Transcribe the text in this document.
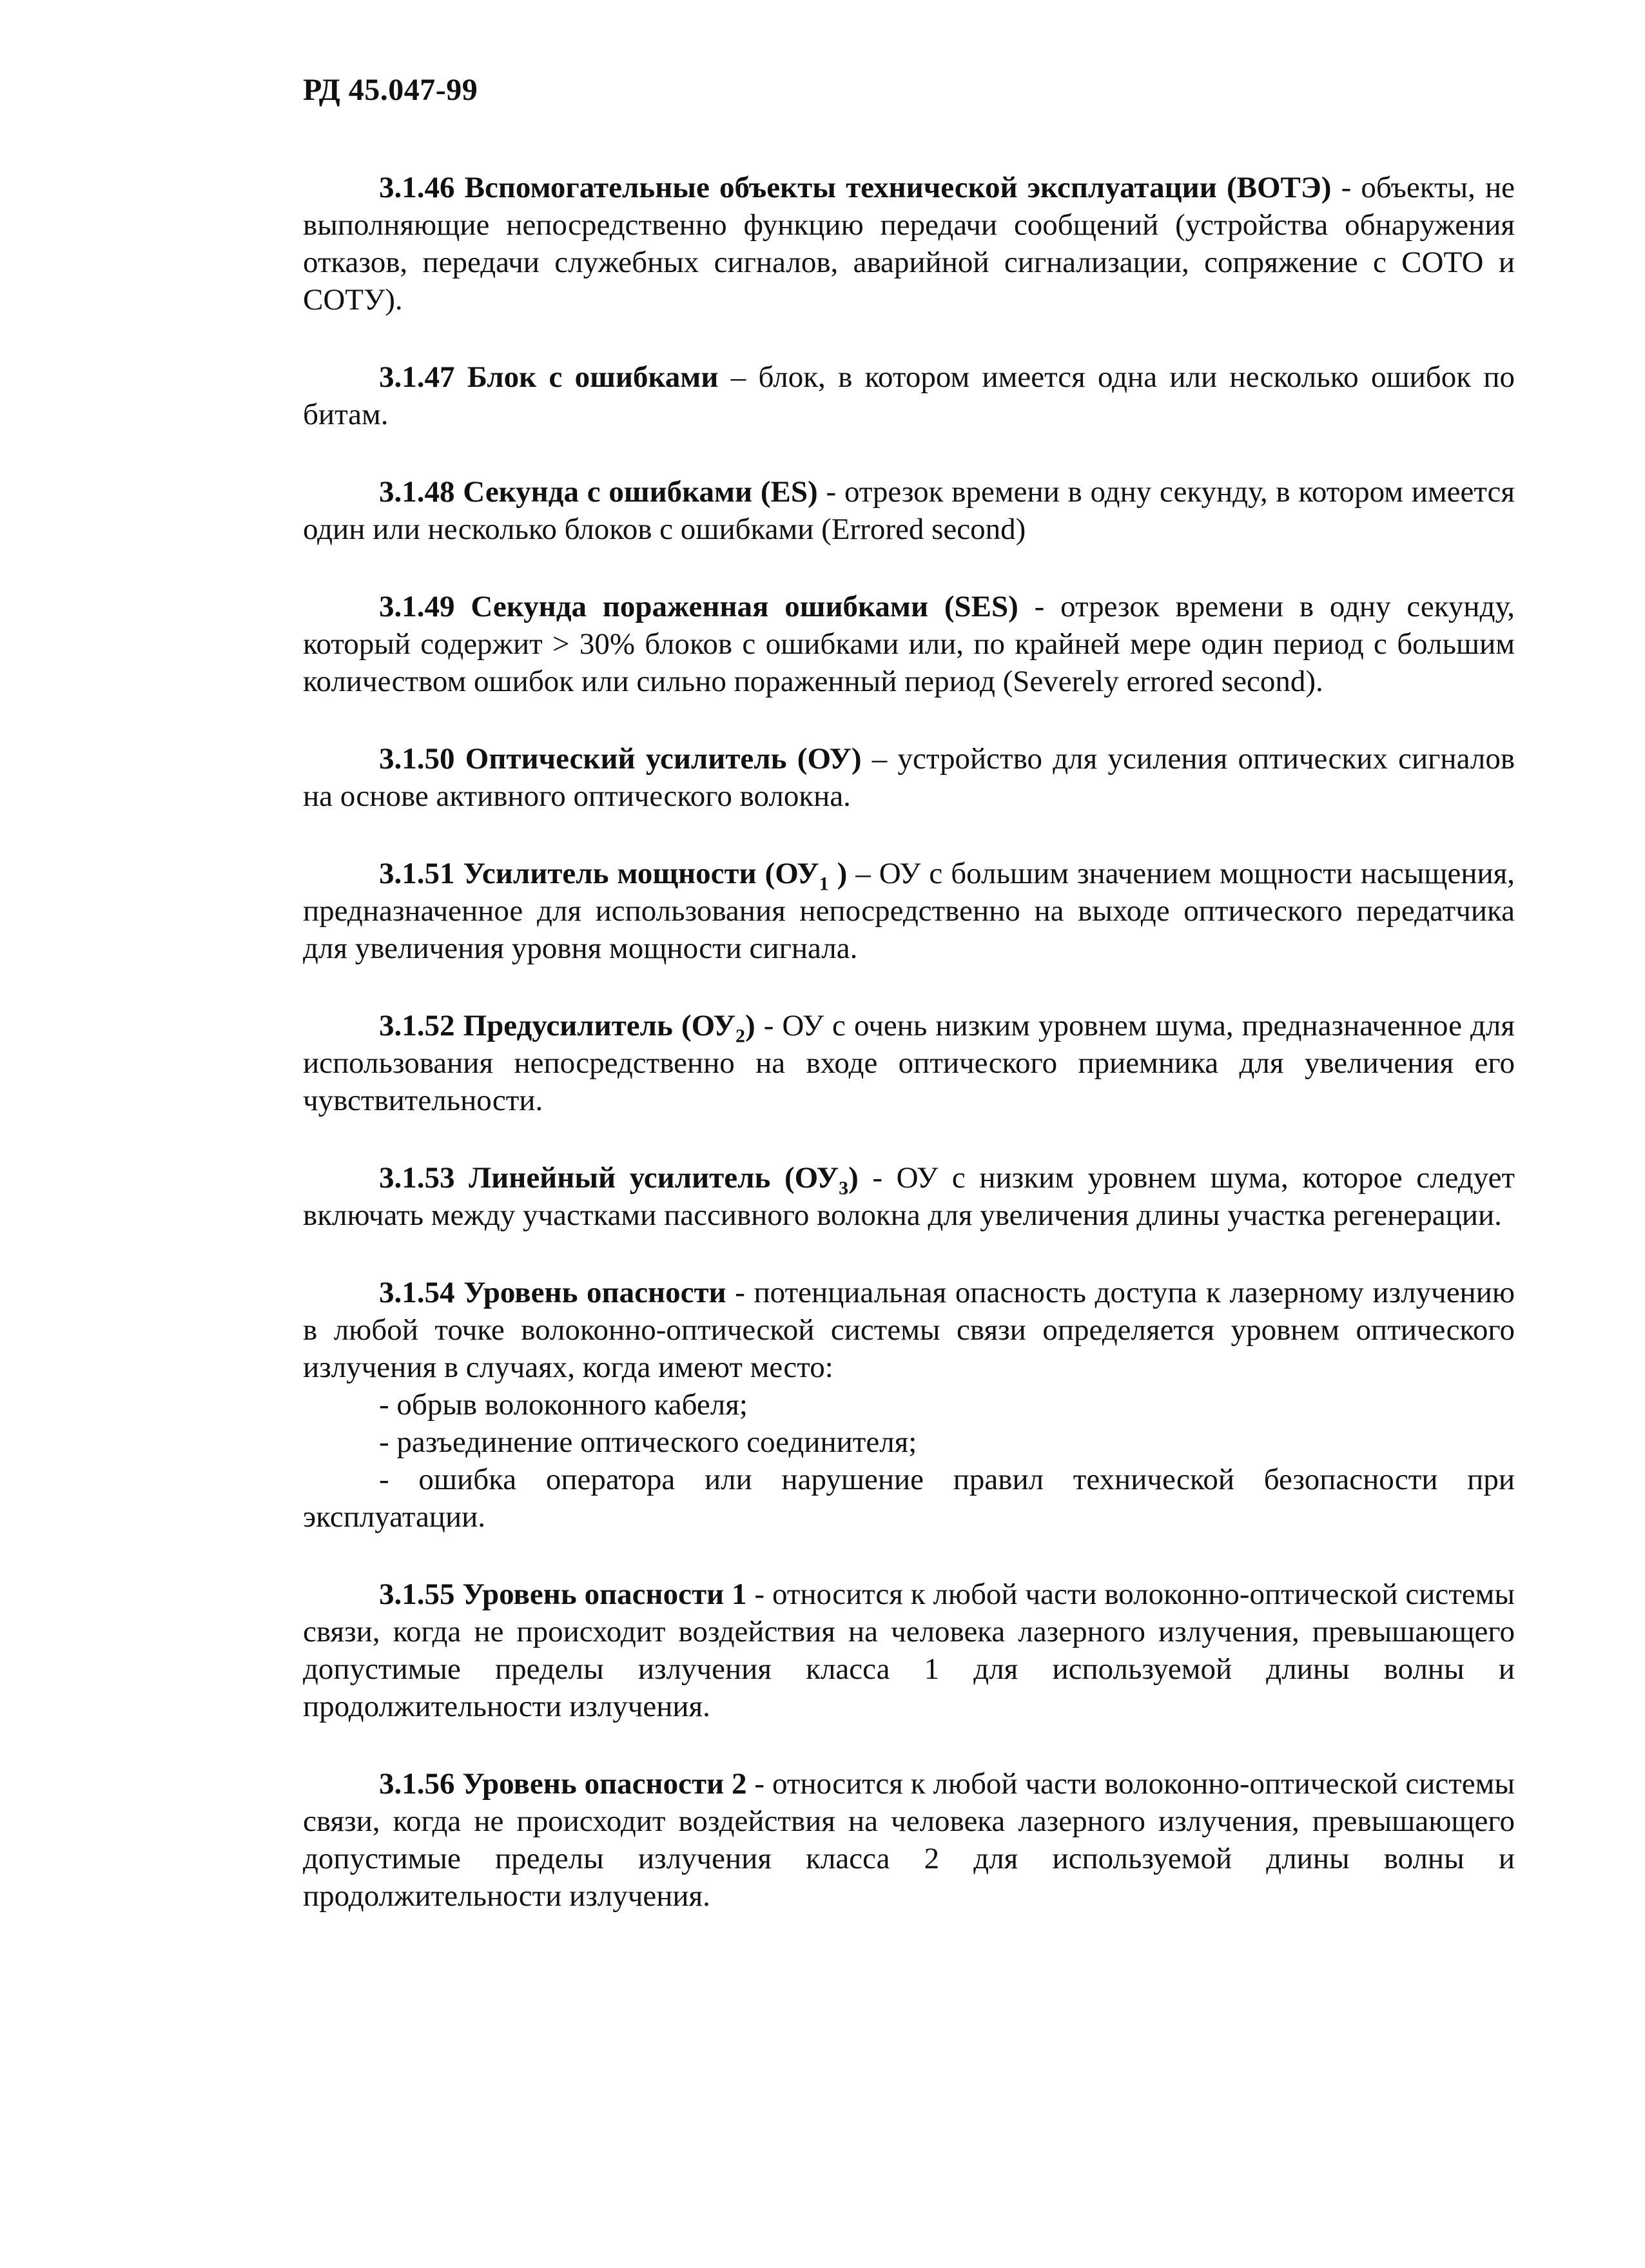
РД 45.047-99

3.1.46 Вспомогательные объекты технической эксплуатации (ВОТЭ) - объекты, не выполняющие непосредственно функцию передачи сообщений (устройства обнаружения отказов, передачи служебных сигналов, аварийной сигнализации, сопряжение с СОТО и СОТУ).

3.1.47 Блок с ошибками – блок, в котором имеется одна или несколько ошибок по битам.

3.1.48 Секунда с ошибками (ES) - отрезок времени в одну секунду, в котором имеется один или несколько блоков с ошибками (Errored second)

3.1.49 Секунда пораженная ошибками (SES) - отрезок времени в одну секунду, который содержит > 30% блоков с ошибками или, по крайней мере один период с большим количеством ошибок или сильно пораженный период (Severely errored second).

3.1.50 Оптический усилитель (ОУ) – устройство для усиления оптических сигналов на основе активного оптического волокна.

3.1.51 Усилитель мощности ($ОУ_1$ ) – ОУ с большим значением мощности насыщения, предназначенное для использования непосредственно на выходе оптического передатчика для увеличения уровня мощности сигнала.

3.1.52 Предусилитель $(ОУ_2)$ - ОУ с очень низким уровнем шума, предназначенное для использования непосредственно на входе оптического приемника для увеличения его чувствительности.

3.1.53 Линейный усилитель $(ОУ_3)$ - ОУ с низким уровнем шума, которое следует включать между участками пассивного волокна для увеличения длины участка регенерации.

3.1.54 Уровень опасности - потенциальная опасность доступа к лазерному излучению в любой точке волоконно-оптической системы связи определяется уровнем оптического излучения в случаях, когда имеют место:

- обрыв волоконного кабеля;

- разъединение оптического соединителя;

- ошибка оператора или нарушение правил технической безопасности при эксплуатации.

3.1.55 Уровень опасности 1 - относится к любой части волоконно-оптической системы связи, когда не происходит воздействия на человека лазерного излучения, превышающего допустимые пределы излучения класса 1 для используемой длины волны и продолжительности излучения.

3.1.56 Уровень опасности 2 - относится к любой части волоконно-оптической системы связи, когда не происходит воздействия на человека лазерного излучения, превышающего допустимые пределы излучения класса 2 для используемой длины волны и продолжительности излучения.
